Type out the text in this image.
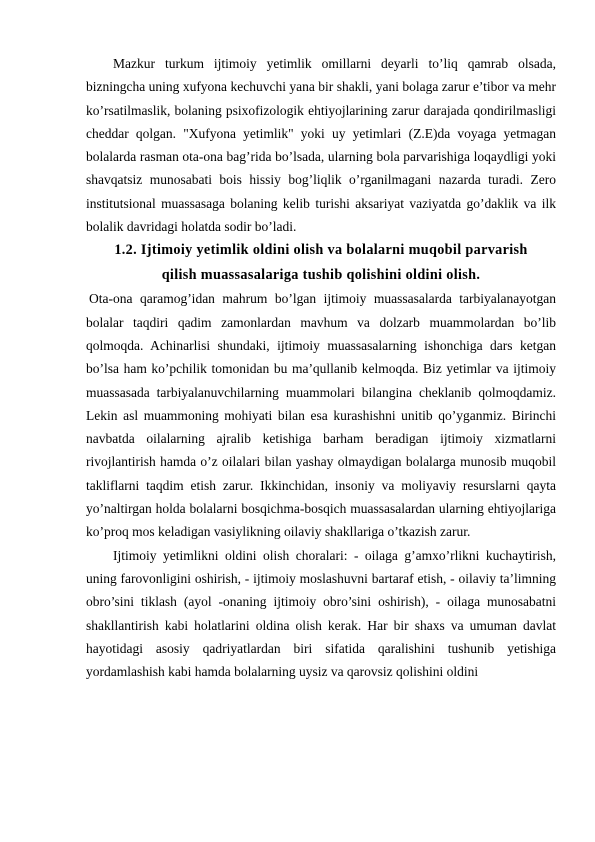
Mazkur turkum ijtimoiy yetimlik omillarni deyarli to’liq qamrab olsada, bizningcha uning xufyona kechuvchi yana bir shakli, yani bolaga zarur e’tibor va mehr ko’rsatilmaslik, bolaning psixofizologik ehtiyojlarining zarur darajada qondirilmasligi cheddar qolgan. "Xufyona yetimlik" yoki uy yetimlari (Z.E)da voyaga yetmagan bolalarda rasman ota-ona bag’rida bo’lsada, ularning bola parvarishiga loqaydligi yoki shavqatsiz munosabati bois hissiy bog’liqlik o’rganilmagani nazarda turadi. Zero institutsional muassasaga bolaning kelib turishi aksariyat vaziyatda go’daklik va ilk bolalik davridagi holatda sodir bo’ladi.

1.2. Ijtimoiy yetimlik oldini olish va bolalarni muqobil parvarish
qilish muassasalariga tushib qolishini oldini olish.

Ota-ona qaramog’idan mahrum bo’lgan ijtimoiy muassasalarda tarbiyalanayotgan bolalar taqdiri qadim zamonlardan mavhum va dolzarb muammolardan bo’lib qolmoqda. Achinarlisi shundaki, ijtimoiy muassasalarning ishonchiga dars ketgan bo’lsa ham ko’pchilik tomonidan bu ma’qullanib kelmoqda. Biz yetimlar va ijtimoiy muassasada tarbiyalanuvchilarning muammolari bilangina cheklanib qolmoqdamiz. Lekin asl muammoning mohiyati bilan esa kurashishni unitib qo’yganmiz. Birinchi navbatda oilalarning ajralib ketishiga barham beradigan ijtimoiy xizmatlarni rivojlantirish hamda o’z oilalari bilan yashay olmaydigan bolalarga munosib muqobil takliflarni taqdim etish zarur. Ikkinchidan, insoniy va moliyaviy resurslarni qayta yo’naltirgan holda bolalarni bosqichma-bosqich muassasalardan ularning ehtiyojlariga ko’proq mos keladigan vasiylikning oilaviy shakllariga o’tkazish zarur.

Ijtimoiy yetimlikni oldini olish choralari: - oilaga g’amxo’rlikni kuchaytirish, uning farovonligini oshirish, - ijtimoiy moslashuvni bartaraf etish, - oilaviy ta’limning obro’sini tiklash (ayol -onaning ijtimoiy obro’sini oshirish), - oilaga munosabatni shakllantirish kabi holatlarini oldina olish kerak. Har bir shaxs va umuman davlat hayotidagi asosiy qadriyatlardan biri sifatida qaralishini tushunib yetishiga yordamlashish kabi hamda bolalarning uysiz va qarovsiz qolishini oldini
